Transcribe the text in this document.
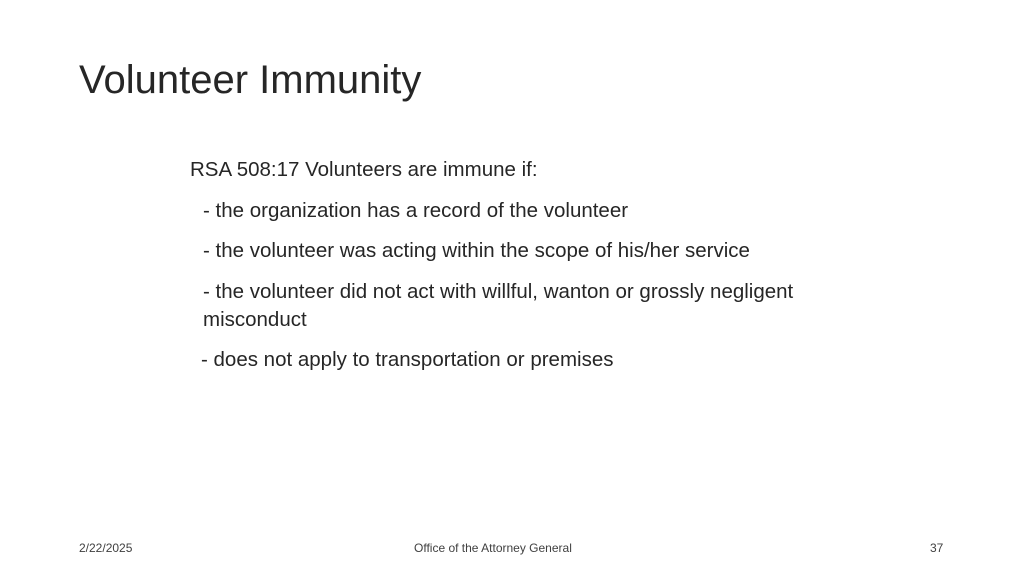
Volunteer Immunity
RSA 508:17 Volunteers are immune if:
- the organization has a record of the volunteer
- the volunteer was acting within the scope of his/her service
- the volunteer did not act with willful, wanton or grossly negligent misconduct
- does not apply to transportation or premises
2/22/2025	Office of the Attorney General	37
